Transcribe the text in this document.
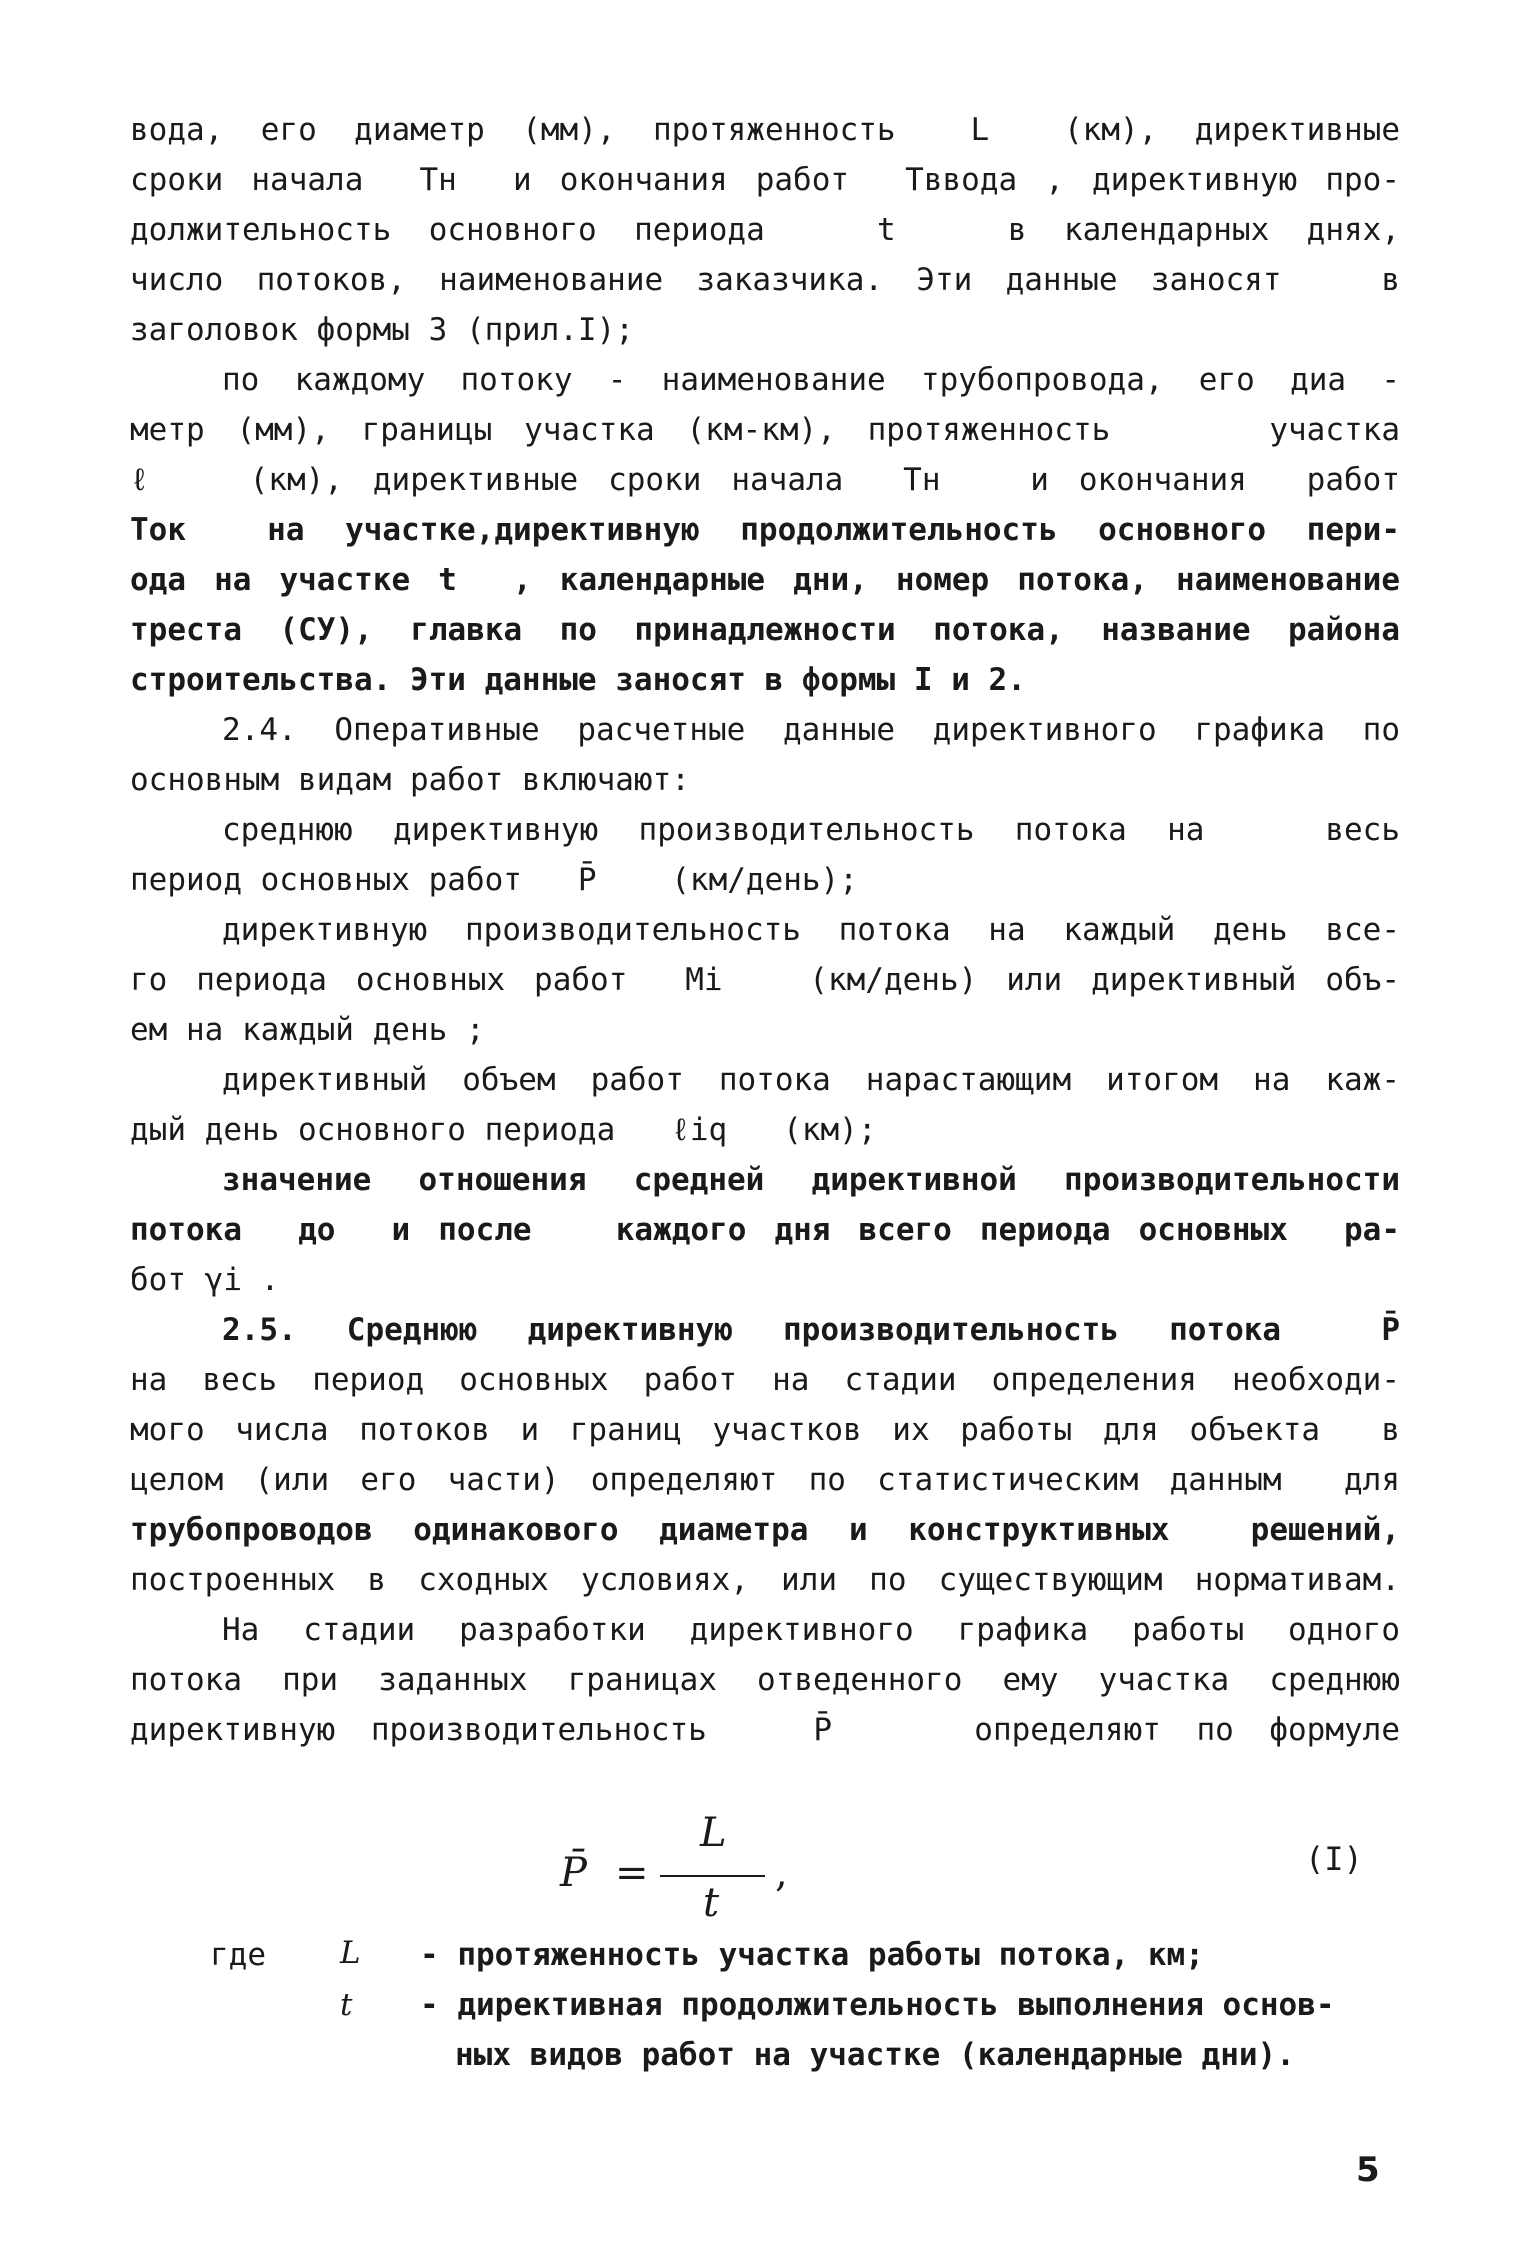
вода, его диаметр (мм), протяженность  L  (км), директивные
сроки начала  Tн  и окончания работ  Tввода , директивную про-
должительность основного периода   t   в календарных днях,
число потоков, наименование заказчика. Эти данные заносят   в
заголовок формы 3 (прил.I);
по каждому потоку - наименование трубопровода, его диа -
метр (мм), границы участка (км-км), протяженность     участка
ℓ   (км), директивные сроки начала  Tн   и окончания  работ
Tок  на участке,директивную продолжительность основного пери-
ода на участке t  , календарные дни, номер потока, наименование
треста (СУ), главка по принадлежности потока, название района
строительства. Эти данные заносят в формы I и 2.
2.4. Оперативные расчетные данные директивного графика по
основным видам работ включают:
среднюю директивную производительность потока на   весь
период основных работ   P̄    (км/день);
директивную производительность потока на каждый день все-
го периода основных работ  Mi   (км/день) или директивный объ-
ем на каждый день ;
директивный объем работ потока нарастающим итогом на каж-
дый день основного периода   ℓiq   (км);
значение отношения средней директивной производительности
потока  до  и после   каждого дня всего периода основных  ра-
бот γi .
2.5. Среднюю директивную производительность потока  P̄
на весь период основных работ на стадии определения необходи-
мого числа потоков и границ участков их работы для объекта  в
целом (или его части) определяют по статистическим данным  для
трубопроводов одинакового диаметра и конструктивных  решений,
построенных в сходных условиях, или по существующим нормативам.
На стадии разработки директивного графика работы одного
потока при заданных границах отведенного ему участка среднюю
директивную производительность   P̄    определяют по формуле
P̄ =
L
t
,	(I)
где L - протяженность участка работы потока, км;
t - директивная продолжительность выполнения основ-
ных видов работ на участке (календарные дни).
5
